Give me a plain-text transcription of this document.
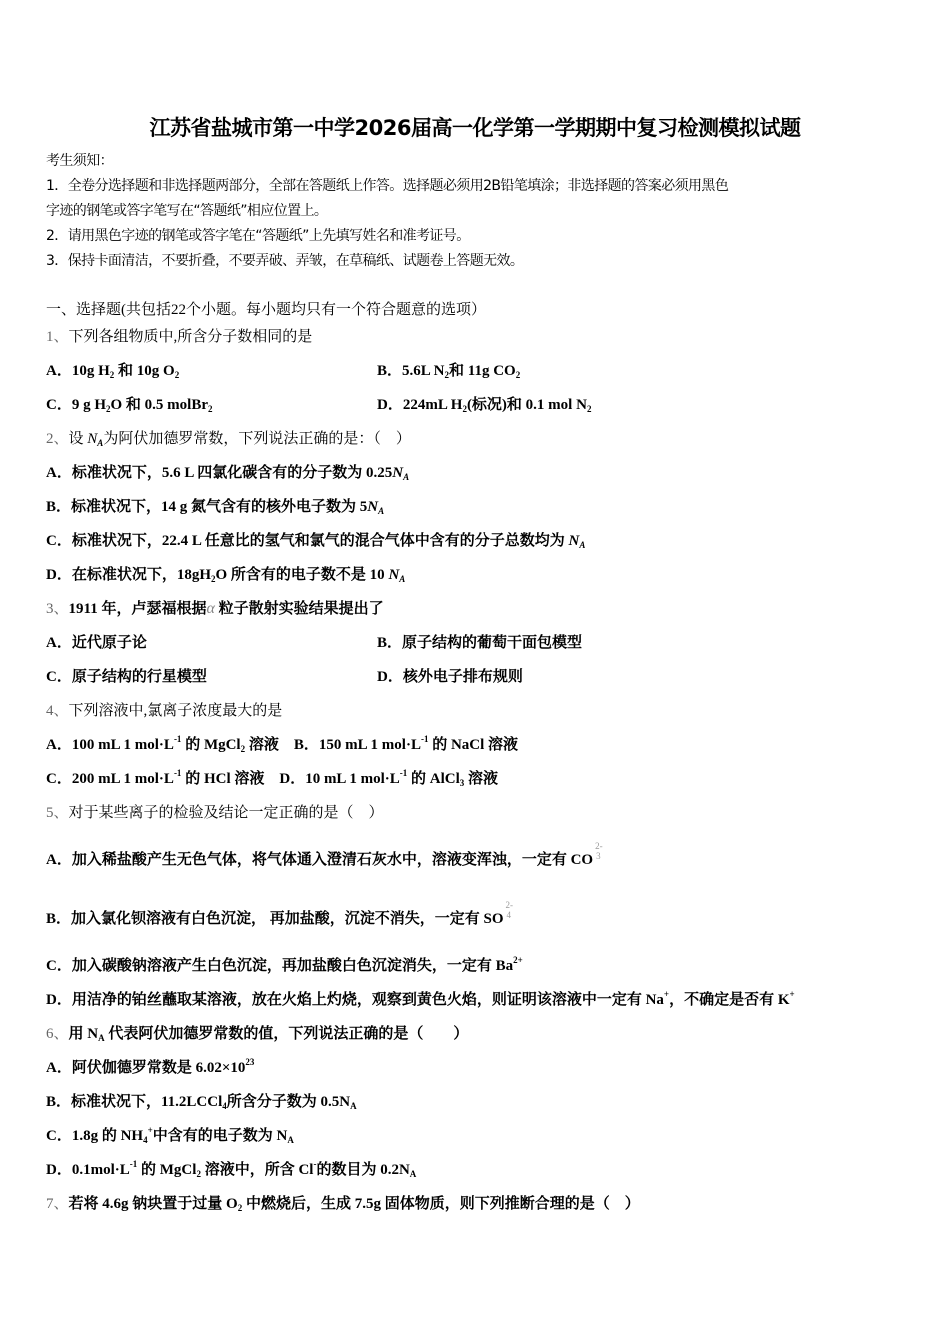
江苏省盐城市第一中学2026届高一化学第一学期期中复习检测模拟试题
考生须知：
1．全卷分选择题和非选择题两部分，全部在答题纸上作答。选择题必须用2B铅笔填涂；非选择题的答案必须用黑色
字迹的钢笔或答字笔写在“答题纸”相应位置上。
2．请用黑色字迹的钢笔或答字笔在“答题纸”上先填写姓名和准考证号。
3．保持卡面清洁，不要折叠，不要弄破、弄皱，在草稿纸、试题卷上答题无效。
一、选择题(共包括22个小题。每小题均只有一个符合题意的选项）
1、下列各组物质中,所含分子数相同的是
A．10g $H_2$ 和 10g $O_2$	B．5.6L $N_2$和 11g $CO_2$
C．9 g $H_2O$ 和 0.5 molBr$_2$	D．224mL $H_2$(标况)和 0.1 mol $N_2$
2、设 $N_A$为阿伏加德罗常数，下列说法正确的是：（　）
A．标准状况下，5.6 L 四氯化碳含有的分子数为 $0.25N_A$
B．标准状况下，14 g 氮气含有的核外电子数为 $5N_A$
C．标准状况下，22.4 L 任意比的氢气和氯气的混合气体中含有的分子总数均为 $N_A$
D．在标准状况下，$18gH_2O$ 所含有的电子数不是 10 $N_A$
3、1911 年，卢瑟福根据α 粒子散射实验结果提出了
A．近代原子论	B．原子结构的葡萄干面包模型
C．原子结构的行星模型	D．核外电子排布规则
4、下列溶液中,氯离子浓度最大的是
A．100 mL 1 $mol\cdot L^{-1}$ 的 MgCl$_2$ 溶液　B．150 mL 1 $mol\cdot L^{-1}$ 的 NaCl 溶液
C．200 mL 1 $mol\cdot L^{-1}$ 的 HCl 溶液　D．10 mL 1 $mol\cdot L^{-1}$ 的 AlCl$_3$ 溶液
5、对于某些离子的检验及结论一定正确的是（　）
A．加入稀盐酸产生无色气体，将气体通入澄清石灰水中，溶液变浑浊，一定有 CO
2-
3
B．加入氯化钡溶液有白色沉淀， 再加盐酸，沉淀不消失，一定有 SO
2-
4
C．加入碳酸钠溶液产生白色沉淀，再加盐酸白色沉淀消失，一定有 $Ba^{2+}$
D．用洁净的铂丝蘸取某溶液，放在火焰上灼烧，观察到黄色火焰，则证明该溶液中一定有 Na+，不确定是否有 K+
6、用 $N_A$ 代表阿伏加德罗常数的值，下列说法正确的是（　　）
A．阿伏伽德罗常数是 $6.02\times 10^{23}$
B．标准状况下，11.2LCCl$_4$所含分子数为 $0.5N_A$
C．1.8g 的 $NH_4^+$中含有的电子数为 $N_A$
D．$0.1mol\cdot L^{-1}$ 的 MgCl$_2$ 溶液中，所含 Cl-的数目为 $0.2N_A$
7、若将 4.6g 钠块置于过量 $O_2$ 中燃烧后，生成 7.5g 固体物质，则下列推断合理的是（　）
